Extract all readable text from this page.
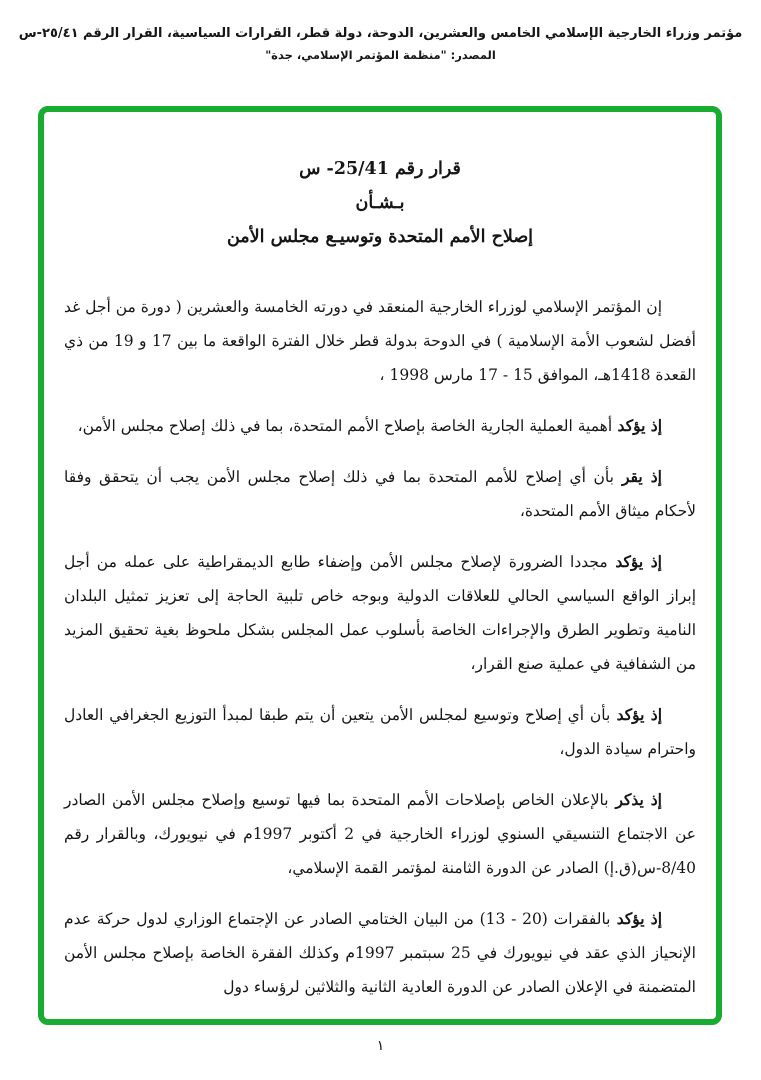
مؤتمر وزراء الخارجية الإسلامي الخامس والعشرين، الدوحة، دولة قطر، القرارات السياسية، القرار الرقم ٢٥/٤١-س
المصدر: "منظمة المؤتمر الإسلامي، جدة"
قرار رقم 25/41- س
بـشـأن
إصلاح الأمم المتحدة وتوسيـع مجلس الأمن

إن المؤتمر الإسلامي لوزراء الخارجية المنعقد في دورته الخامسة والعشرين ( دورة من أجل غد أفضل لشعوب الأمة الإسلامية ) في الدوحة بدولة قطر خلال الفترة الواقعة ما بين 17 و 19 من ذي القعدة 1418هـ، الموافق 15 - 17 مارس 1998 ،

إذ يؤكد أهمية العملية الجارية الخاصة بإصلاح الأمم المتحدة، بما في ذلك إصلاح مجلس الأمن،

إذ يقر بأن أي إصلاح للأمم المتحدة بما في ذلك إصلاح مجلس الأمن يجب أن يتحقق وفقا لأحكام ميثاق الأمم المتحدة،

إذ يؤكد مجددا الضرورة لإصلاح مجلس الأمن وإضفاء طابع الديمقراطية على عمله من أجل إبراز الواقع السياسي الحالي للعلاقات الدولية وبوجه خاص تلبية الحاجة إلى تعزيز تمثيل البلدان النامية وتطوير الطرق والإجراءات الخاصة بأسلوب عمل المجلس بشكل ملحوظ بغية تحقيق المزيد من الشفافية في عملية صنع القرار،

إذ يؤكد بأن أي إصلاح وتوسيع لمجلس الأمن يتعين أن يتم طبقا لمبدأ التوزيع الجغرافي العادل واحترام سيادة الدول،

إذ يذكر بالإعلان الخاص بإصلاحات الأمم المتحدة بما فيها توسيع وإصلاح مجلس الأمن الصادر عن الاجتماع التنسيقي السنوي لوزراء الخارجية في 2 أكتوبر 1997م في نيويورك، وبالقرار رقم 8/40-س(ق.إ) الصادر عن الدورة الثامنة لمؤتمر القمة الإسلامي،

إذ يؤكد بالفقرات ⁦(13 - 20)⁩ من البيان الختامي الصادر عن الإجتماع الوزاري لدول حركة عدم الإنحياز الذي عقد في نيويورك في 25 سبتمبر 1997م وكذلك الفقرة الخاصة بإصلاح مجلس الأمن المتضمنة في الإعلان الصادر عن الدورة العادية الثانية والثلاثين لرؤساء دول

١
